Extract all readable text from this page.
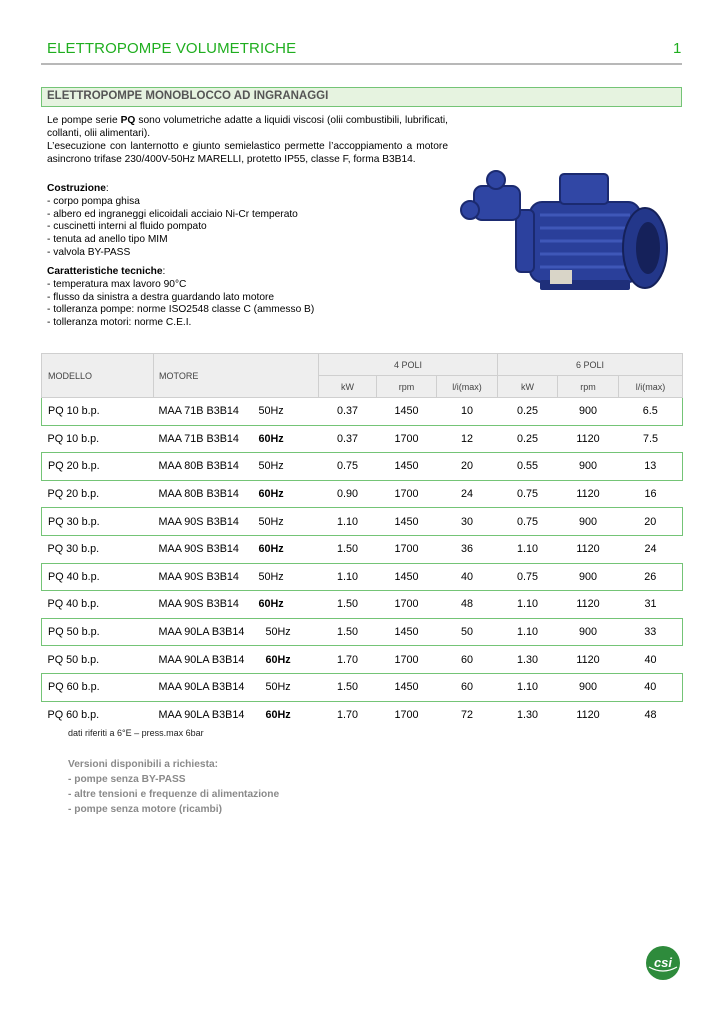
ELETTROPOMPE VOLUMETRICHE	1
ELETTROPOMPE MONOBLOCCO AD INGRANAGGI

Le pompe serie PQ sono volumetriche adatte a liquidi viscosi (olii combustibili, lubrificati, collanti, olii alimentari).

L’esecuzione con lanternotto e giunto semielastico permette l’accoppiamento a motore asincrono trifase 230/400V-50Hz MARELLI, protetto IP55, classe F, forma B3B14.

Costruzione:
- corpo pompa ghisa
- albero ed ingraneggi elicoidali acciaio Ni-Cr temperato
- cuscinetti interni al fluido pompato
- tenuta ad anello tipo MIM
- valvola BY-PASS
Caratteristiche tecniche:
- temperatura max lavoro 90°C
- flusso da sinistra a destra guardando lato motore
- tolleranza pompe: norme ISO2548 classe C (ammesso B)
- tolleranza motori: norme C.E.I.
MODELLO	MOTORE	4 POLI			6 POLI		
		kW	rpm	l/i(max)	kW	rpm	l/i(max)
PQ 10 b.p.	MAA 71B B3B14 50Hz	0.37	1450	10	0.25	900	6.5
PQ 10 b.p.	MAA 71B B3B14 60Hz	0.37	1700	12	0.25	1120	7.5
PQ 20 b.p.	MAA 80B B3B14 50Hz	0.75	1450	20	0.55	900	13
PQ 20 b.p.	MAA 80B B3B14 60Hz	0.90	1700	24	0.75	1120	16
PQ 30 b.p.	MAA 90S B3B14 50Hz	1.10	1450	30	0.75	900	20
PQ 30 b.p.	MAA 90S B3B14 60Hz	1.50	1700	36	1.10	1120	24
PQ 40 b.p.	MAA 90S B3B14 50Hz	1.10	1450	40	0.75	900	26
PQ 40 b.p.	MAA 90S B3B14 60Hz	1.50	1700	48	1.10	1120	31
PQ 50 b.p.	MAA 90LA B3B14 50Hz	1.50	1450	50	1.10	900	33
PQ 50 b.p.	MAA 90LA B3B14 60Hz	1.70	1700	60	1.30	1120	40
PQ 60 b.p.	MAA 90LA B3B14 50Hz	1.50	1450	60	1.10	900	40
PQ 60 b.p.	MAA 90LA B3B14 60Hz	1.70	1700	72	1.30	1120	48
dati riferiti a 6°E – press.max 6bar
Versioni disponibili a richiesta:
- pompe senza BY-PASS
- altre tensioni e frequenze di alimentazione
- pompe senza motore (ricambi)
csi
